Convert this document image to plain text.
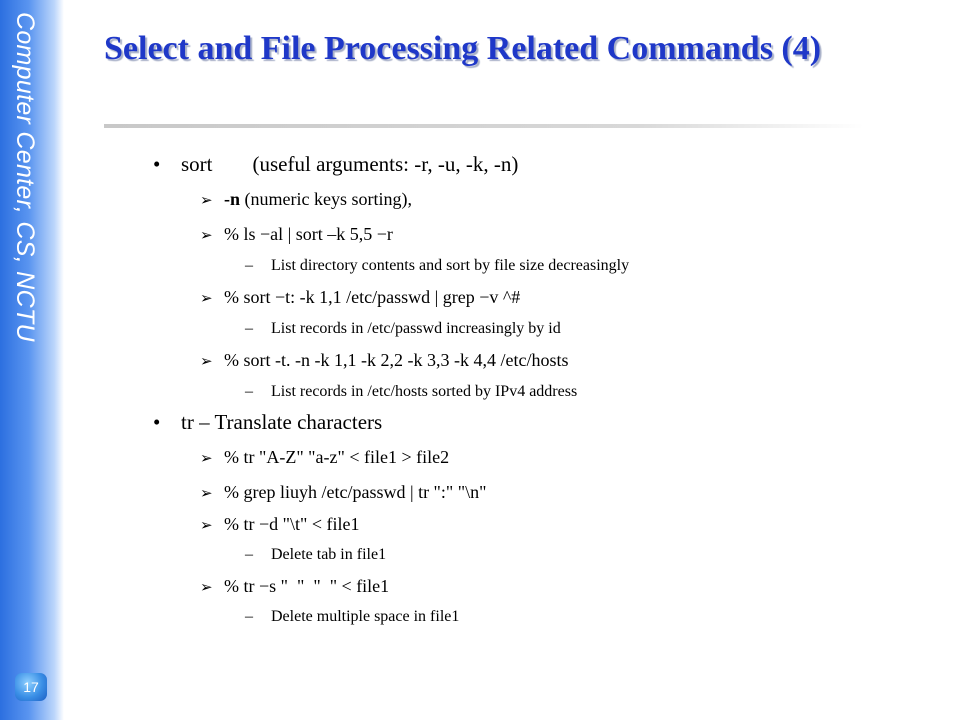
Computer Center, CS, NCTU
17
Select and File Processing Related Commands (4)
• sort (useful arguments: -r, -u, -k, -n)
➢ -n (numeric keys sorting),
➢ % ls −al | sort –k 5,5 −r
– List directory contents and sort by file size decreasingly
➢ % sort −t: -k 1,1 /etc/passwd | grep −v ^#
– List records in /etc/passwd increasingly by id
➢ % sort -t. -n -k 1,1 -k 2,2 -k 3,3 -k 4,4 /etc/hosts
– List records in /etc/hosts sorted by IPv4 address
• tr – Translate characters
➢ % tr "A-Z" "a-z" < file1 > file2
➢ % grep liuyh /etc/passwd | tr ":" "\n"
➢ % tr −d "\t" < file1
– Delete tab in file1
➢ % tr −s "  "  "  " < file1
– Delete multiple space in file1
